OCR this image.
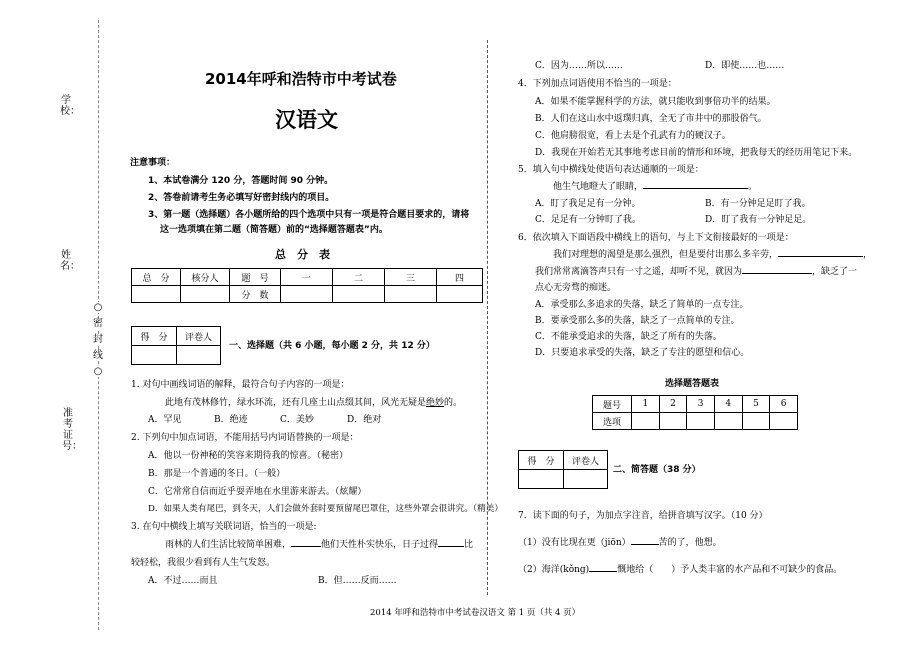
学校：
姓名：
○
密
封
线
○
准考证号：
2014年呼和浩特市中考试卷
汉语文
注意事项：
1、本试卷满分 120 分，答题时间 90 分钟。
2、答卷前请考生务必填写好密封线内的项目。
3、第一题（选择题）各小题所给的四个选项中只有一项是符合题目要求的，请将
这一选项填在第二题（简答题）前的“选择题答题表”内。
总　分　表
总　分	核分人	题　号	一	二	三	四
		分　数				
得　分	评卷人

一、选择题（共 6 小题，每小题 2 分，共 12 分）
1. 对句中画线词语的解释，最符合句子内容的一项是：
此地有茂林修竹，绿水环流，还有几座土山点缀其间，风光无疑是绝妙的。
A．罕见	B．绝迹	C．美妙	D．绝对
2. 下列句中加点词语，不能用括号内词语替换的一项是：
A．他以一份神秘的笑容来期待我的惊喜。（秘密）
B．那是一个普通的冬日。（一般）
C．它常常自信而近乎耍弄地在水里游来游去。（炫耀）
D．如果人类有尾巴，到冬天，人们会做外套时要预留尾巴罩住，这些外罩会很讲究。（精美）
3. 在句中横线上填写关联词语，恰当的一项是:
雨林的人们生活比较简单困难，	他们天性朴实快乐，日子过得	比
较轻松，我很少看到有人生气发怒。
A．不过……而且	B．但……反而……
C．因为……所以……	D．即使……也……
4．下列加点词语使用不恰当的一项是：
A．如果不能掌握科学的方法，就只能收到事倍功半的结果。
B．人们在这山水中返璞归真，全无了市井中的那股俗气。
C．他肩膀很宽，看上去是个孔武有力的硬汉子。
D．我现在开始若无其事地考虑目前的情形和环境，把我每天的经历用笔记下来。
5．填入句中横线处使语句表达通顺的一项是：
他生气地瞪大了眼睛，	。
A．盯了我足足有一分钟。	B．有一分钟足足盯了我。
C．足足有一分钟盯了我。	D．盯了我有一分钟足足。
6．依次填入下面语段中横线上的语句，与上下文衔接最好的一项是：
我们对理想的渴望是那么强烈，但是要付出那么多辛劳，	，
我们常常离滴答声只有一寸之遥，却听不见，就因为	，缺乏了一
点心无旁骛的痴迷。
A．承受那么多追求的失落，缺乏了简单的一点专注。
B．要承受那么多的失落，缺乏了一点简单的专注。
C．不能承受追求的失落，缺乏了所有的失落。
D．只要追求承受的失落，缺乏了专注的愿望和信心。
选择题答题表
题号	1	2	3	4	5	6
选项						
得　分	评卷人

二、简答题（38 分）
7．读下面的句子，为加点字注音，给拼音填写汉字。（10 分）
（1）没有比现在更（jiōn）	苦的了，他想。
（2）海洋(kǒng)	慨地给（　　）予人类丰富的水产品和不可缺少的食品。
2014 年呼和浩特市中考试卷汉语文 第 1 页（共 4 页）
